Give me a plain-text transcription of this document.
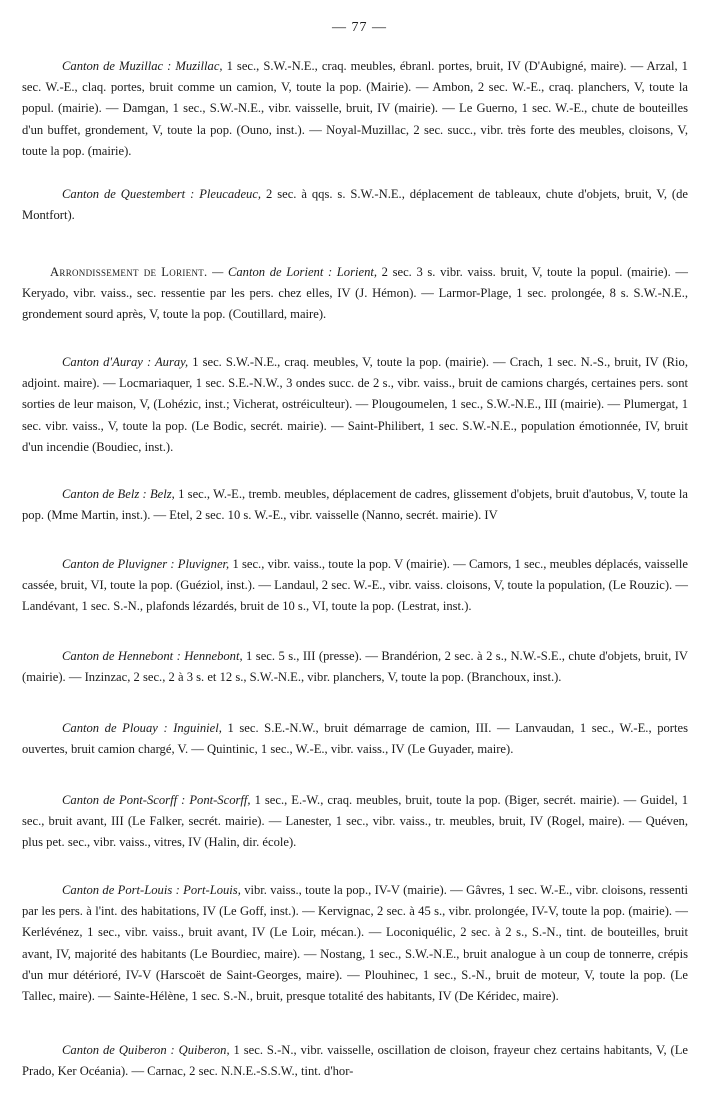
— 77 —

Canton de Muzillac : Muzillac, 1 sec., S.W.-N.E., craq. meubles, ébranl. portes, bruit, IV (D'Aubigné, maire). — Arzal, 1 sec. W.-E., claq. portes, bruit comme un camion, V, toute la pop. (Mairie). — Ambon, 2 sec. W.-E., craq. planchers, V, toute la popul. (mairie). — Damgan, 1 sec., S.W.-N.E., vibr. vaisselle, bruit, IV (mairie). — Le Guerno, 1 sec. W.-E., chute de bouteilles d'un buffet, grondement, V, toute la pop. (Ouno, inst.). — Noyal-Muzillac, 2 sec. succ., vibr. très forte des meubles, cloisons, V, toute la pop. (mairie).

Canton de Questembert : Pleucadeuc, 2 sec. à qqs. s. S.W.-N.E., déplacement de tableaux, chute d'objets, bruit, V, (de Montfort).

Arrondissement de Lorient. — Canton de Lorient : Lorient, 2 sec. 3 s. vibr. vaiss. bruit, V, toute la popul. (mairie). — Keryado, vibr. vaiss., sec. ressentie par les pers. chez elles, IV (J. Hémon). — Larmor-Plage, 1 sec. prolongée, 8 s. S.W.-N.E., grondement sourd après, V, toute la pop. (Coutillard, maire).

Canton d'Auray : Auray, 1 sec. S.W.-N.E., craq. meubles, V, toute la pop. (mairie). — Crach, 1 sec. N.-S., bruit, IV (Rio, adjoint. maire). — Locmariaquer, 1 sec. S.E.-N.W., 3 ondes succ. de 2 s., vibr. vaiss., bruit de camions chargés, certaines pers. sont sorties de leur maison, V, (Lohézic, inst.; Vicherat, ostréiculteur). — Plougoumelen, 1 sec., S.W.-N.E., III (mairie). — Plumergat, 1 sec. vibr. vaiss., V, toute la pop. (Le Bodic, secrét. mairie). — Saint-Philibert, 1 sec. S.W.-N.E., population émotionnée, IV, bruit d'un incendie (Boudiec, inst.).

Canton de Belz : Belz, 1 sec., W.-E., tremb. meubles, déplacement de cadres, glissement d'objets, bruit d'autobus, V, toute la pop. (Mme Martin, inst.). — Etel, 2 sec. 10 s. W.-E., vibr. vaisselle (Nanno, secrét. mairie). IV

Canton de Pluvigner : Pluvigner, 1 sec., vibr. vaiss., toute la pop. V (mairie). — Camors, 1 sec., meubles déplacés, vaisselle cassée, bruit, VI, toute la pop. (Guéziol, inst.). — Landaul, 2 sec. W.-E., vibr. vaiss. cloisons, V, toute la population, (Le Rouzic). — Landévant, 1 sec. S.-N., plafonds lézardés, bruit de 10 s., VI, toute la pop. (Lestrat, inst.).

Canton de Hennebont : Hennebont, 1 sec. 5 s., III (presse). — Brandérion, 2 sec. à 2 s., N.W.-S.E., chute d'objets, bruit, IV (mairie). — Inzinzac, 2 sec., 2 à 3 s. et 12 s., S.W.-N.E., vibr. planchers, V, toute la pop. (Branchoux, inst.).

Canton de Plouay : Inguiniel, 1 sec. S.E.-N.W., bruit démarrage de camion, III. — Lanvaudan, 1 sec., W.-E., portes ouvertes, bruit camion chargé, V. — Quintinic, 1 sec., W.-E., vibr. vaiss., IV (Le Guyader, maire).

Canton de Pont-Scorff : Pont-Scorff, 1 sec., E.-W., craq. meubles, bruit, toute la pop. (Biger, secrét. mairie). — Guidel, 1 sec., bruit avant, III (Le Falker, secrét. mairie). — Lanester, 1 sec., vibr. vaiss., tr. meubles, bruit, IV (Rogel, maire). — Quéven, plus pet. sec., vibr. vaiss., vitres, IV (Halin, dir. école).

Canton de Port-Louis : Port-Louis, vibr. vaiss., toute la pop., IV-V (mairie). — Gâvres, 1 sec. W.-E., vibr. cloisons, ressenti par les pers. à l'int. des habitations, IV (Le Goff, inst.). — Kervignac, 2 sec. à 45 s., vibr. prolongée, IV-V, toute la pop. (mairie). — Kerlévénez, 1 sec., vibr. vaiss., bruit avant, IV (Le Loir, mécan.). — Loconiquélic, 2 sec. à 2 s., S.-N., tint. de bouteilles, bruit avant, IV, majorité des habitants (Le Bourdiec, maire). — Nostang, 1 sec., S.W.-N.E., bruit analogue à un coup de tonnerre, crépis d'un mur détérioré, IV-V (Harscoët de Saint-Georges, maire). — Plouhinec, 1 sec., S.-N., bruit de moteur, V, toute la pop. (Le Tallec, maire). — Sainte-Hélène, 1 sec. S.-N., bruit, presque totalité des habitants, IV (De Kéridec, maire).

Canton de Quiberon : Quiberon, 1 sec. S.-N., vibr. vaisselle, oscillation de cloison, frayeur chez certains habitants, V, (Le Prado, Ker Océania). — Carnac, 2 sec. N.N.E.-S.S.W., tint. d'hor-
